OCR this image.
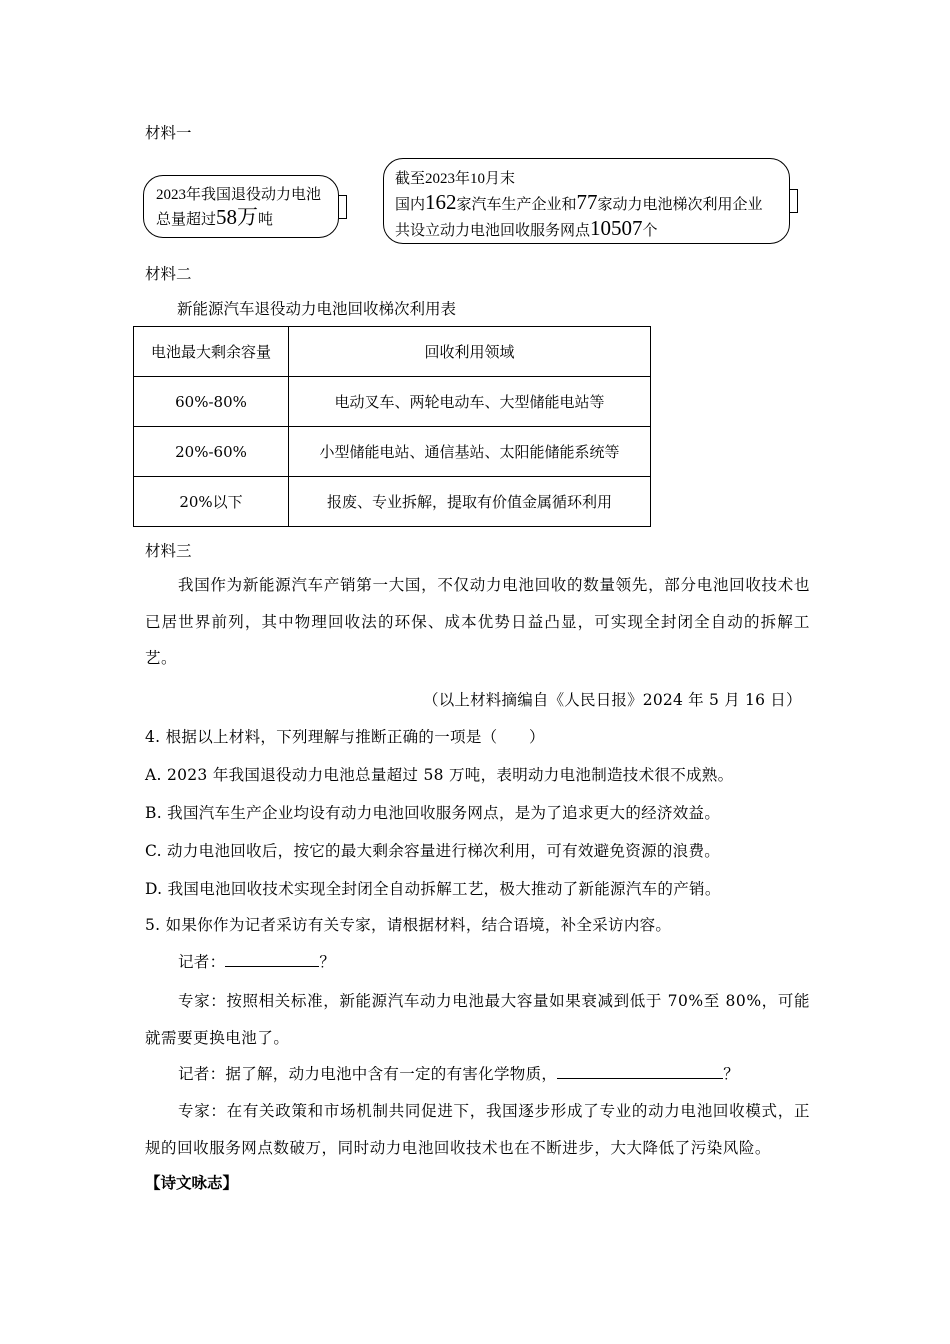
材料一
2023年我国退役动力电池
总量超过58万吨
截至2023年10月末
国内162家汽车生产企业和77家动力电池梯次利用企业
共设立动力电池回收服务网点10507个
材料二
新能源汽车退役动力电池回收梯次利用表
电池最大剩余容量	回收利用领域
60%-80%	电动叉车、两轮电动车、大型储能电站等
20%-60%	小型储能电站、通信基站、太阳能储能系统等
20%以下	报废、专业拆解，提取有价值金属循环利用
材料三
我国作为新能源汽车产销第一大国，不仅动力电池回收的数量领先，部分电池回收技术也已居世界前列，其中物理回收法的环保、成本优势日益凸显，可实现全封闭全自动的拆解工艺。
（以上材料摘编自《人民日报》2024 年 5 月 16 日）
4. 根据以上材料，下列理解与推断正确的一项是（　　）
A. 2023 年我国退役动力电池总量超过 58 万吨，表明动力电池制造技术很不成熟。
B. 我国汽车生产企业均设有动力电池回收服务网点，是为了追求更大的经济效益。
C. 动力电池回收后，按它的最大剩余容量进行梯次利用，可有效避免资源的浪费。
D. 我国电池回收技术实现全封闭全自动拆解工艺，极大推动了新能源汽车的产销。
5. 如果你作为记者采访有关专家，请根据材料，结合语境，补全采访内容。
记者：	？
专家：按照相关标准，新能源汽车动力电池最大容量如果衰减到低于 70%至 80%，可能就需要更换电池了。
记者：据了解，动力电池中含有一定的有害化学物质，	？
专家：在有关政策和市场机制共同促进下，我国逐步形成了专业的动力电池回收模式，正规的回收服务网点数破万，同时动力电池回收技术也在不断进步，大大降低了污染风险。
【诗文咏志】
